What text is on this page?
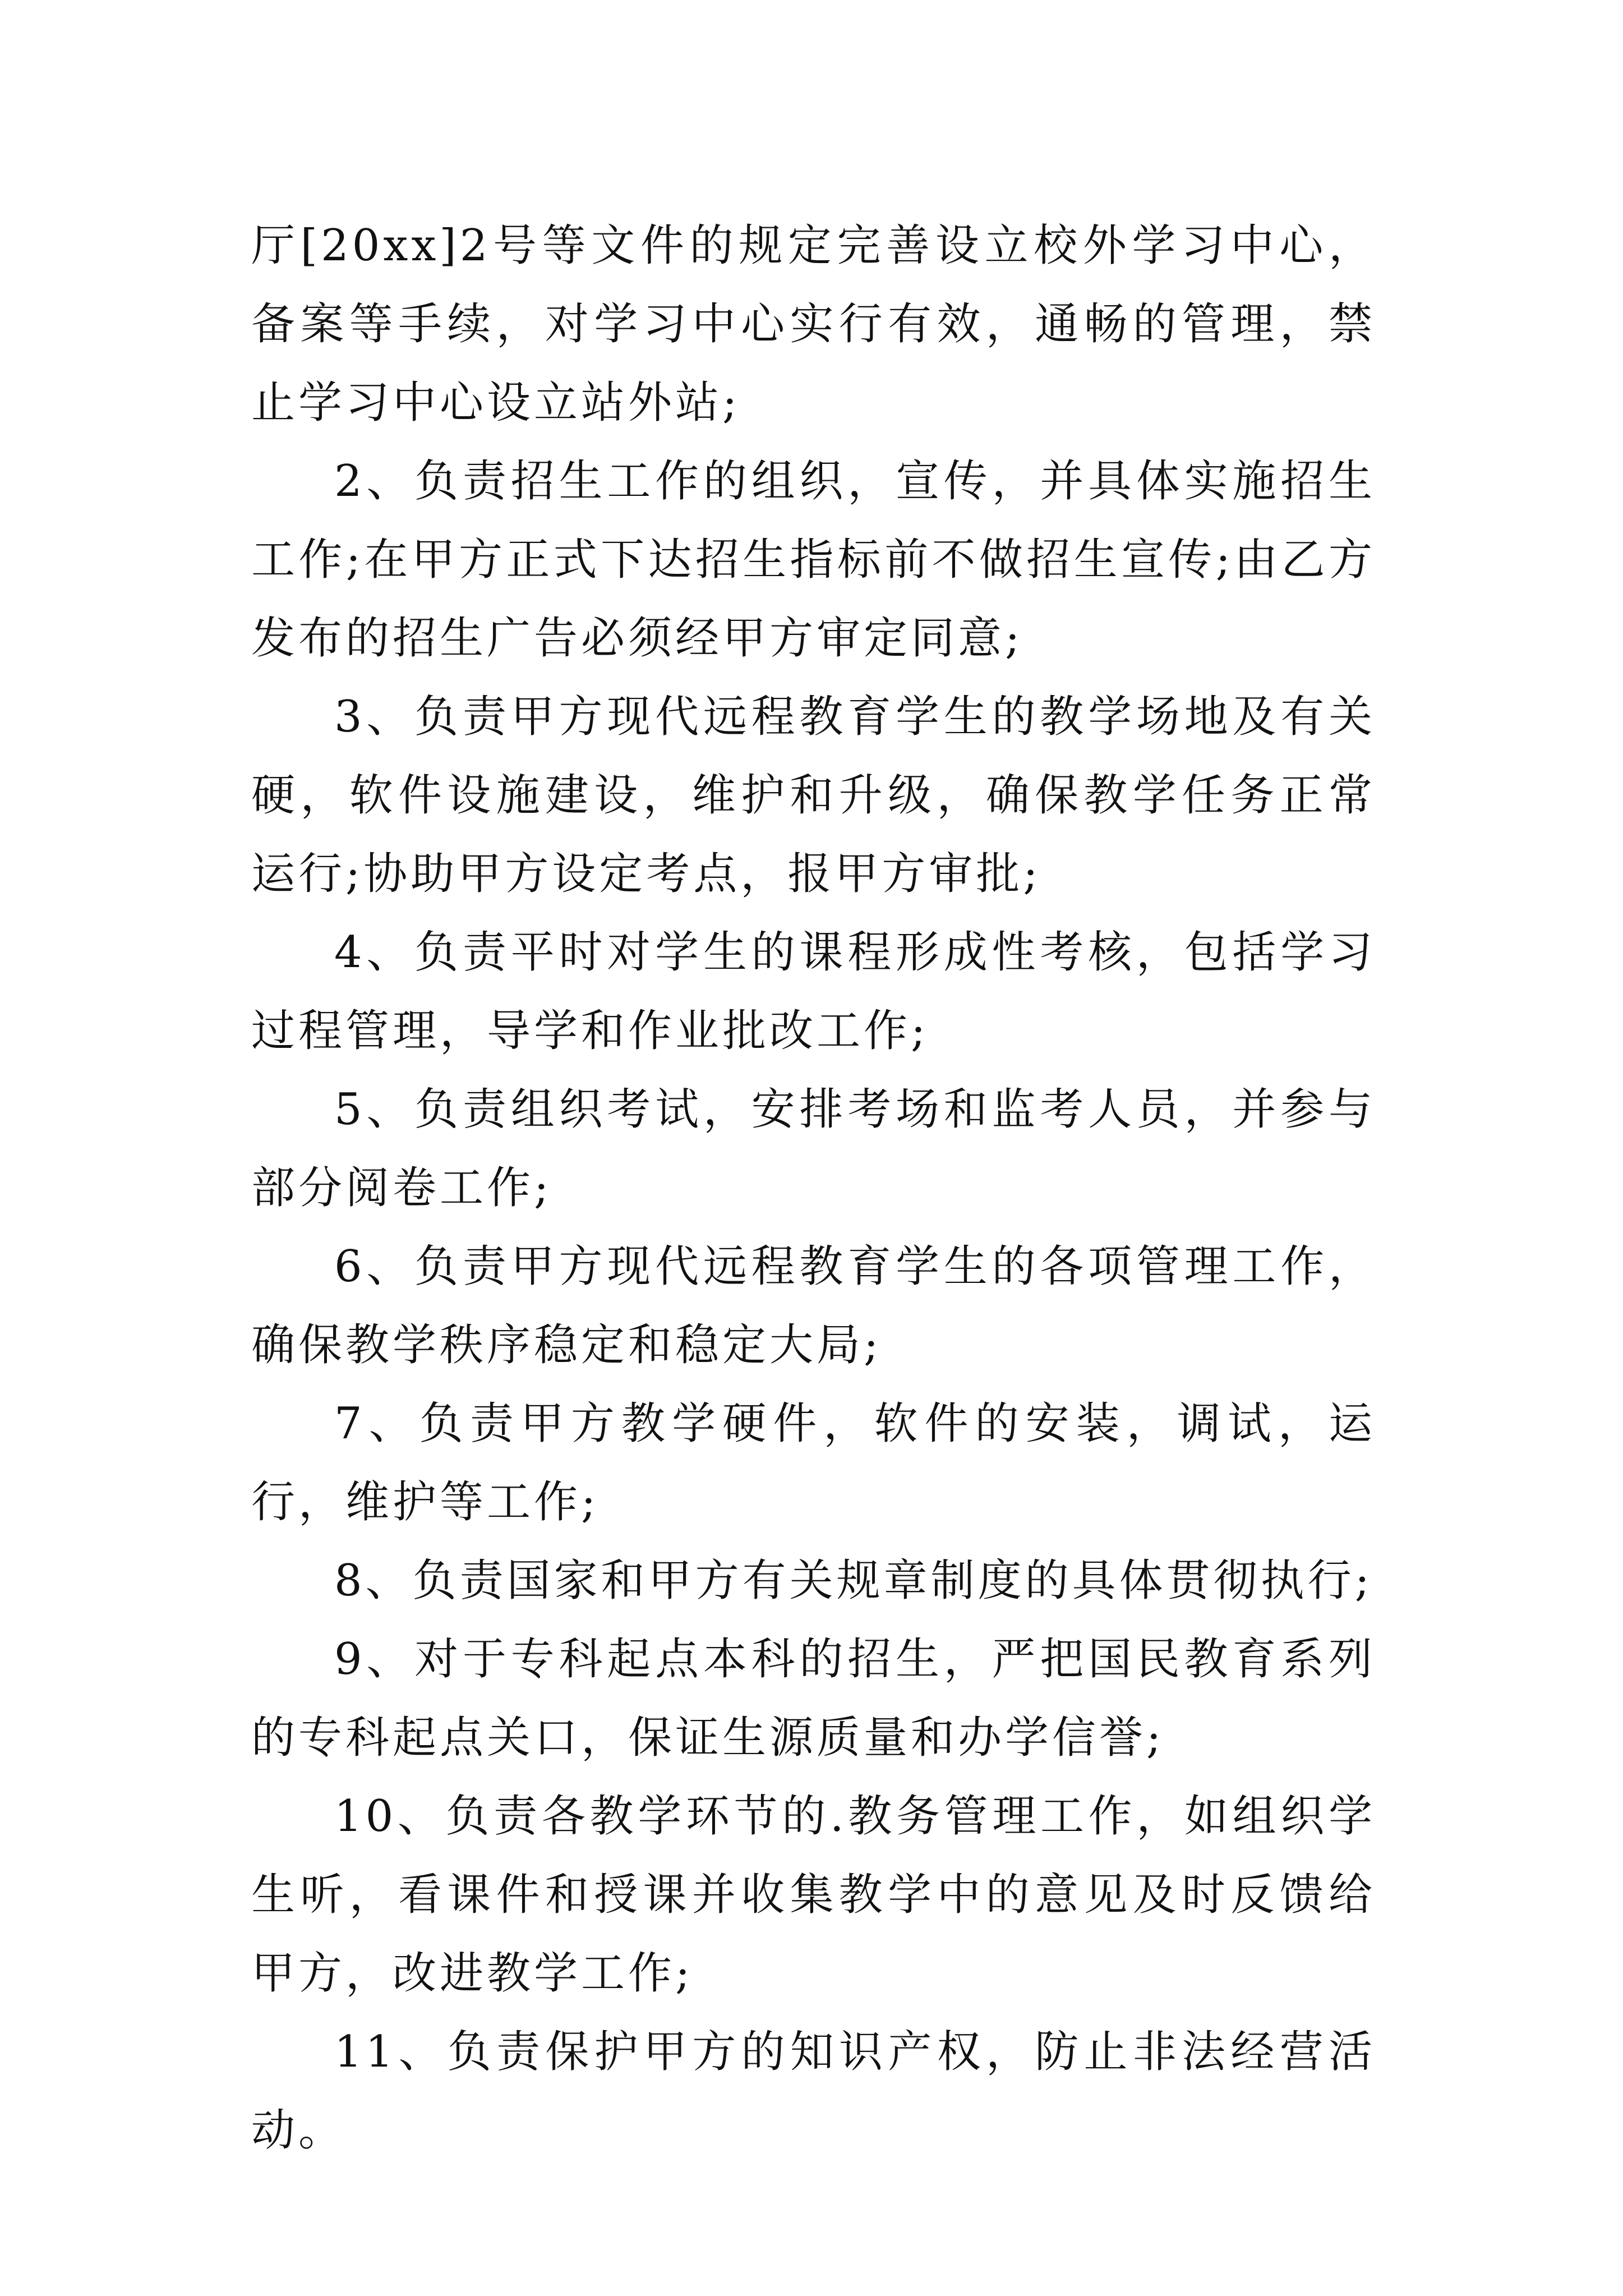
厅[20xx]2号等文件的规定完善设立校外学习中心，备案等手续，对学习中心实行有效，通畅的管理，禁止学习中心设立站外站;

2、负责招生工作的组织，宣传，并具体实施招生工作;在甲方正式下达招生指标前不做招生宣传;由乙方发布的招生广告必须经甲方审定同意;

3、负责甲方现代远程教育学生的教学场地及有关硬，软件设施建设，维护和升级，确保教学任务正常运行;协助甲方设定考点，报甲方审批;

4、负责平时对学生的课程形成性考核，包括学习过程管理，导学和作业批改工作;

5、负责组织考试，安排考场和监考人员，并参与部分阅卷工作;

6、负责甲方现代远程教育学生的各项管理工作，确保教学秩序稳定和稳定大局;

7、负责甲方教学硬件，软件的安装，调试，运行，维护等工作;

8、负责国家和甲方有关规章制度的具体贯彻执行;

9、对于专科起点本科的招生，严把国民教育系列的专科起点关口，保证生源质量和办学信誉;

10、负责各教学环节的.教务管理工作，如组织学生听，看课件和授课并收集教学中的意见及时反馈给甲方，改进教学工作;

11、负责保护甲方的知识产权，防止非法经营活动。
